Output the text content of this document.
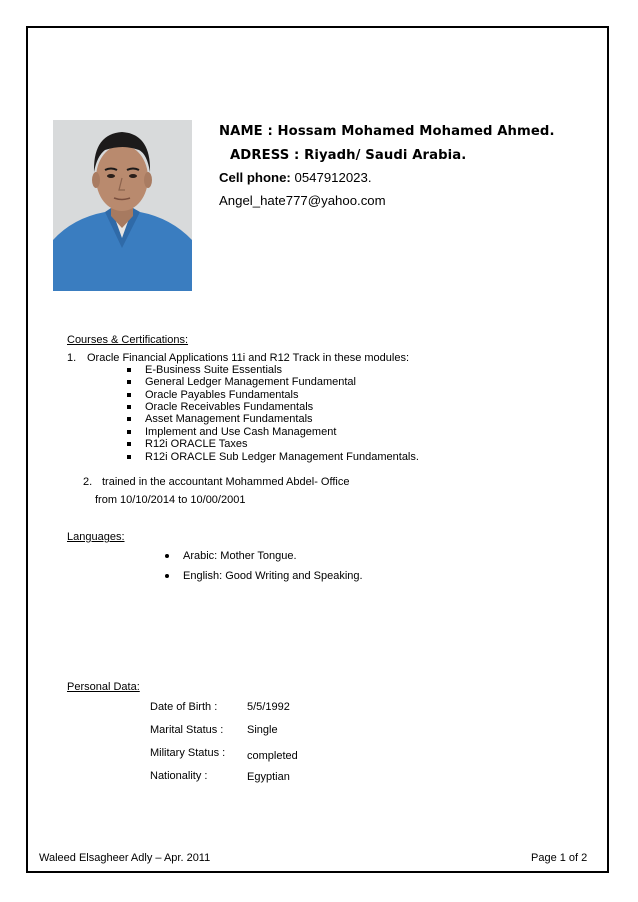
NAME : Hossam Mohamed Mohamed Ahmed.
ADRESS : Riyadh/ Saudi Arabia.
Cell phone: 0547912023.
Angel_hate777@yahoo.com
Courses & Certifications:
1. Oracle Financial Applications 11i and R12 Track in these modules:
E-Business Suite Essentials
General Ledger Management Fundamental
Oracle Payables Fundamentals
Oracle Receivables Fundamentals
Asset Management Fundamentals
Implement and Use Cash Management
R12i ORACLE Taxes
R12i ORACLE Sub Ledger Management Fundamentals.
2. trained in the accountant Mohammed Abdel- Office
from 10/10/2014 to 10/00/2001
Languages:
Arabic: Mother Tongue.
English: Good Writing and Speaking.
Personal Data:
Date of Birth :	5/5/1992
Marital Status : Single
Military Status : completed
Nationality :	Egyptian
Waleed Elsagheer Adly – Apr. 2011	Page 1 of 2
